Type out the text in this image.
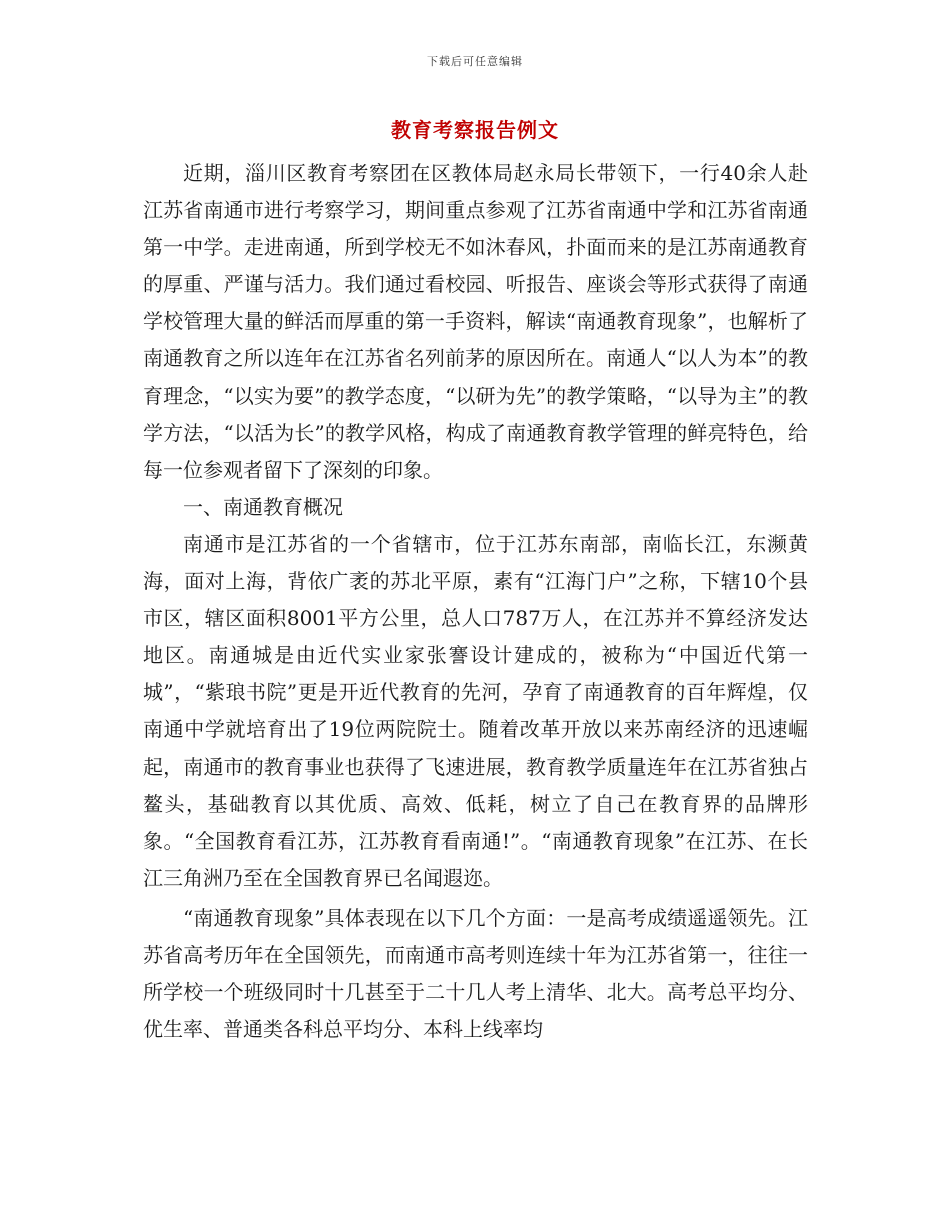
下载后可任意编辑
教育考察报告例文

近期，淄川区教育考察团在区教体局赵永局长带领下，一行40余人赴江苏省南通市进行考察学习，期间重点参观了江苏省南通中学和江苏省南通第一中学。走进南通，所到学校无不如沐春风，扑面而来的是江苏南通教育的厚重、严谨与活力。我们通过看校园、听报告、座谈会等形式获得了南通学校管理大量的鲜活而厚重的第一手资料，解读“南通教育现象”，也解析了南通教育之所以连年在江苏省名列前茅的原因所在。南通人“以人为本”的教育理念，“以实为要”的教学态度，“以研为先”的教学策略，“以导为主”的教学方法，“以活为长”的教学风格，构成了南通教育教学管理的鲜亮特色，给每一位参观者留下了深刻的印象。

一、南通教育概况

南通市是江苏省的一个省辖市，位于江苏东南部，南临长江，东濒黄海，面对上海，背依广袤的苏北平原，素有“江海门户”之称，下辖10个县市区，辖区面积8001平方公里，总人口787万人，在江苏并不算经济发达地区。南通城是由近代实业家张謇设计建成的，被称为“中国近代第一城”，“紫琅书院”更是开近代教育的先河，孕育了南通教育的百年辉煌，仅南通中学就培育出了19位两院院士。随着改革开放以来苏南经济的迅速崛起，南通市的教育事业也获得了飞速进展，教育教学质量连年在江苏省独占鳌头，基础教育以其优质、高效、低耗，树立了自己在教育界的品牌形象。“全国教育看江苏，江苏教育看南通!”。“南通教育现象”在江苏、在长江三角洲乃至在全国教育界已名闻遐迩。

“南通教育现象”具体表现在以下几个方面：一是高考成绩遥遥领先。江苏省高考历年在全国领先，而南通市高考则连续十年为江苏省第一，往往一所学校一个班级同时十几甚至于二十几人考上清华、北大。高考总平均分、优生率、普通类各科总平均分、本科上线率均
